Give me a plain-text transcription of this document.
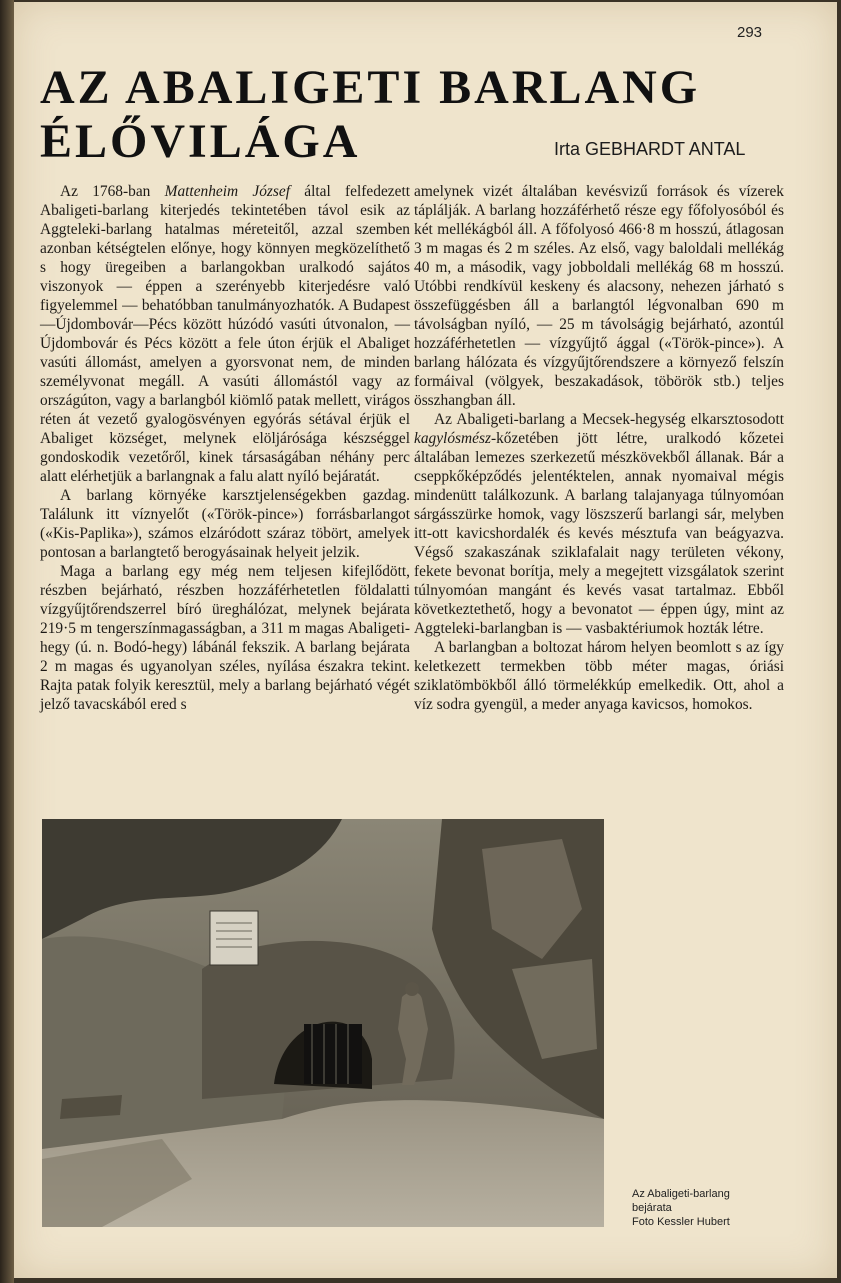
293
AZ ABALIGETI BARLANG
ÉLŐVILÁGA	Irta GEBHARDT ANTAL

Az 1768-ban Mattenheim József által felfedezett Abaligeti-barlang kiterjedés tekintetében távol esik az Aggteleki-barlang hatalmas méreteitől, azzal szemben azonban kétségtelen előnye, hogy könnyen megközelíthető s hogy üregeiben a barlangokban uralkodó sajátos viszonyok — éppen a szerényebb kiterjedésre való figyelemmel — behatóbban tanulmányozhatók. A Budapest—Újdombovár—Pécs között húzódó vasúti útvonalon, — Újdombovár és Pécs között a fele úton érjük el Abaliget vasúti állomást, amelyen a gyorsvonat nem, de minden személyvonat megáll. A vasúti állomástól vagy az országúton, vagy a barlangból kiömlő patak mellett, virágos réten át vezető gyalogösvényen egyórás sétával érjük el Abaliget községet, melynek elöljárósága készséggel gondoskodik vezetőről, kinek társaságában néhány perc alatt elérhetjük a barlangnak a falu alatt nyíló bejáratát.

A barlang környéke karsztjelenségekben gazdag. Találunk itt víznyelőt («Török-pince») forrásbarlangot («Kis-Paplika»), számos elzáródott száraz töbört, amelyek pontosan a barlangtető berogyásainak helyeit jelzik.

Maga a barlang egy még nem teljesen kifejlődött, részben bejárható, részben hozzáférhetetlen földalatti vízgyűjtőrendszerrel bíró üreghálózat, melynek bejárata 219·5 m tengerszínmagasságban, a 311 m magas Abaligeti-hegy (ú. n. Bodó-hegy) lábánál fekszik. A barlang bejárata 2 m magas és ugyanolyan széles, nyílása északra tekint. Rajta patak folyik keresztül, mely a barlang bejárható végét jelző tavacskából ered s

amelynek vizét általában kevésvizű források és vízerek táplálják. A barlang hozzáférhető része egy főfolyosóból és két mellékágból áll. A főfolyosó 466·8 m hosszú, átlagosan 3 m magas és 2 m széles. Az első, vagy baloldali mellékág 40 m, a második, vagy jobboldali mellékág 68 m hosszú. Utóbbi rendkívül keskeny és alacsony, nehezen járható s összefüggésben áll a barlangtól légvonalban 690 m távolságban nyíló, — 25 m távolságig bejárható, azontúl hozzáférhetetlen — vízgyűjtő ággal («Török-pince»). A barlang hálózata és vízgyűjtőrendszere a környező felszín formáival (völgyek, beszakadások, töbörök stb.) teljes összhangban áll.

Az Abaligeti-barlang a Mecsek-hegység elkarsztosodott kagylósmész-kőzetében jött létre, uralkodó kőzetei általában lemezes szerkezetű mészkövekből állanak. Bár a cseppkőképződés jelentéktelen, annak nyomaival mégis mindenütt találkozunk. A barlang talajanyaga túlnyomóan sárgásszürke homok, vagy löszszerű barlangi sár, melyben itt-ott kavicshordalék és kevés mésztufa van beágyazva. Végső szakaszának sziklafalait nagy területen vékony, fekete bevonat borítja, mely a megejtett vizsgálatok szerint túlnyomóan mangánt és kevés vasat tartalmaz. Ebből következtethető, hogy a bevonatot — éppen úgy, mint az Aggteleki-barlangban is — vasbaktériumok hozták létre.

A barlangban a boltozat három helyen beomlott s az így keletkezett termekben több méter magas, óriási sziklatömbökből álló törmelékkúp emelkedik. Ott, ahol a víz sodra gyengül, a meder anyaga kavicsos, homokos.

Az Abaligeti-barlang
bejárata
Foto Kessler Hubert
